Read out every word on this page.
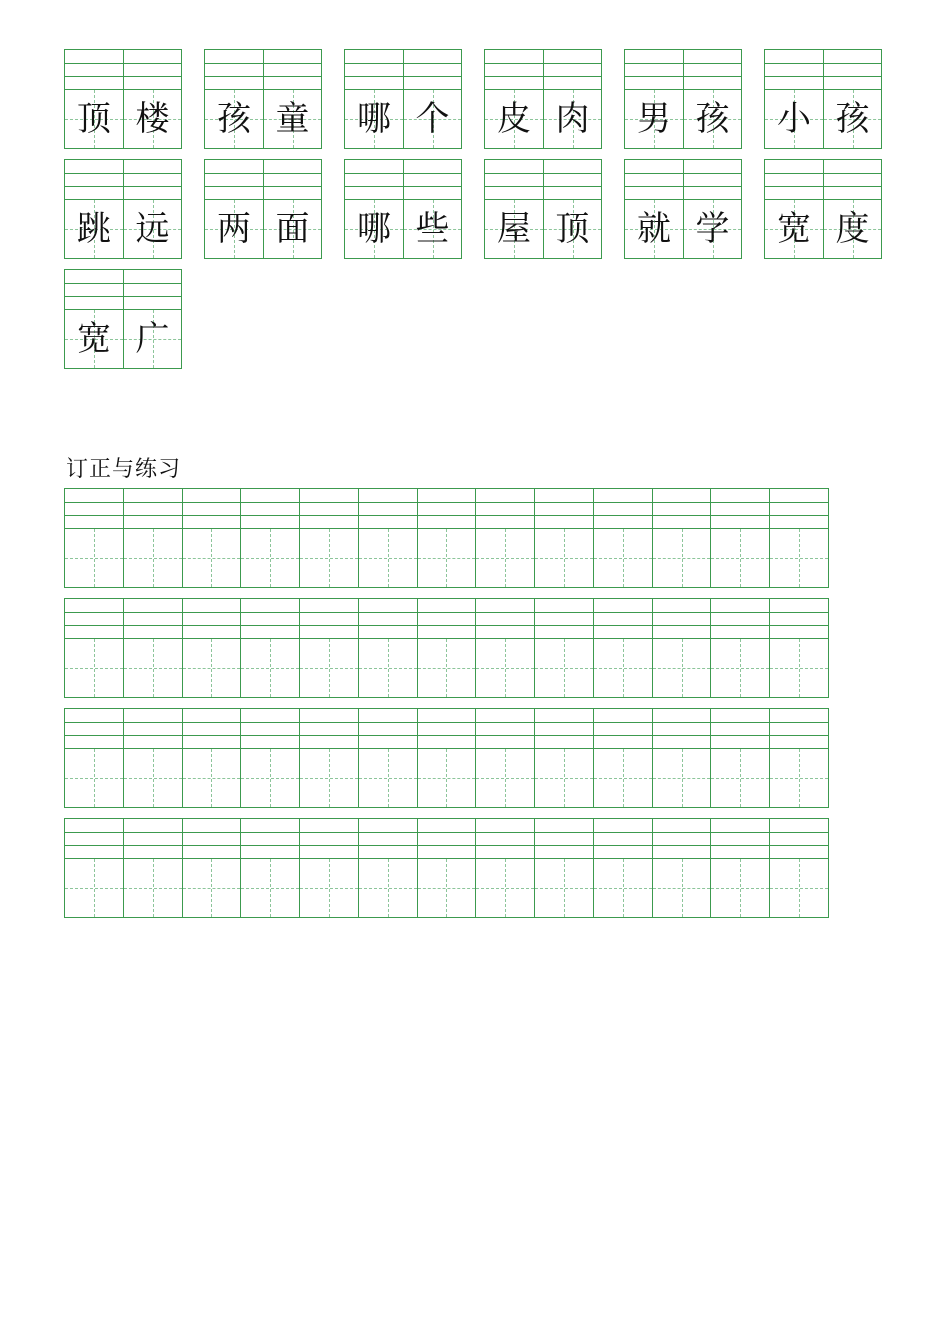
顶 楼	孩 童	哪 个	皮 肉	男 孩	小 孩
跳 远	两 面	哪 些	屋 顶	就 学	宽 度
宽 广
订正与练习
